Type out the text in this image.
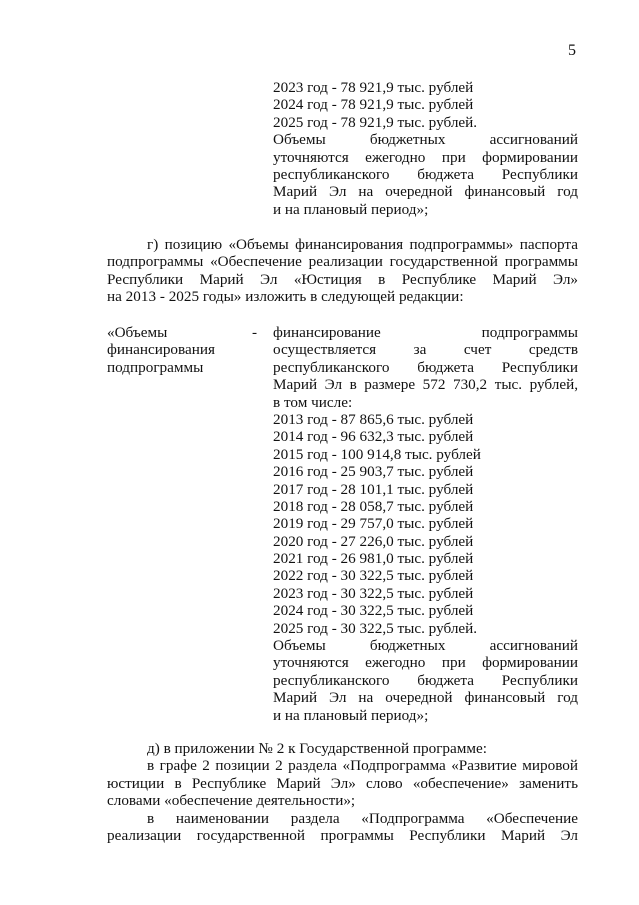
5
2023 год - 78 921,9 тыс. рублей
2024 год - 78 921,9 тыс. рублей
2025 год - 78 921,9 тыс. рублей.
Объемы бюджетных ассигнований
уточняются ежегодно при формировании
республиканского бюджета Республики
Марий Эл на очередной финансовый год
и на плановый период»;
г) позицию «Объемы финансирования подпрограммы» паспорта
подпрограммы «Обеспечение реализации государственной программы
Республики Марий Эл «Юстиция в Республике Марий Эл»
на 2013 - 2025 годы» изложить в следующей редакции:
«Объемы
финансирования
подпрограммы
- финансирование подпрограммы
осуществляется за счет средств
республиканского бюджета Республики
Марий Эл в размере 572 730,2 тыс. рублей,
в том числе:
2013 год - 87 865,6 тыс. рублей
2014 год - 96 632,3 тыс. рублей
2015 год - 100 914,8 тыс. рублей
2016 год - 25 903,7 тыс. рублей
2017 год - 28 101,1 тыс. рублей
2018 год - 28 058,7 тыс. рублей
2019 год - 29 757,0 тыс. рублей
2020 год - 27 226,0 тыс. рублей
2021 год - 26 981,0 тыс. рублей
2022 год - 30 322,5 тыс. рублей
2023 год - 30 322,5 тыс. рублей
2024 год - 30 322,5 тыс. рублей
2025 год - 30 322,5 тыс. рублей.
Объемы бюджетных ассигнований
уточняются ежегодно при формировании
республиканского бюджета Республики
Марий Эл на очередной финансовый год
и на плановый период»;
д) в приложении № 2 к Государственной программе:
в графе 2 позиции 2 раздела «Подпрограмма «Развитие мировой
юстиции в Республике Марий Эл» слово «обеспечение» заменить
словами «обеспечение деятельности»;
в наименовании раздела «Подпрограмма «Обеспечение
реализации государственной программы Республики Марий Эл
